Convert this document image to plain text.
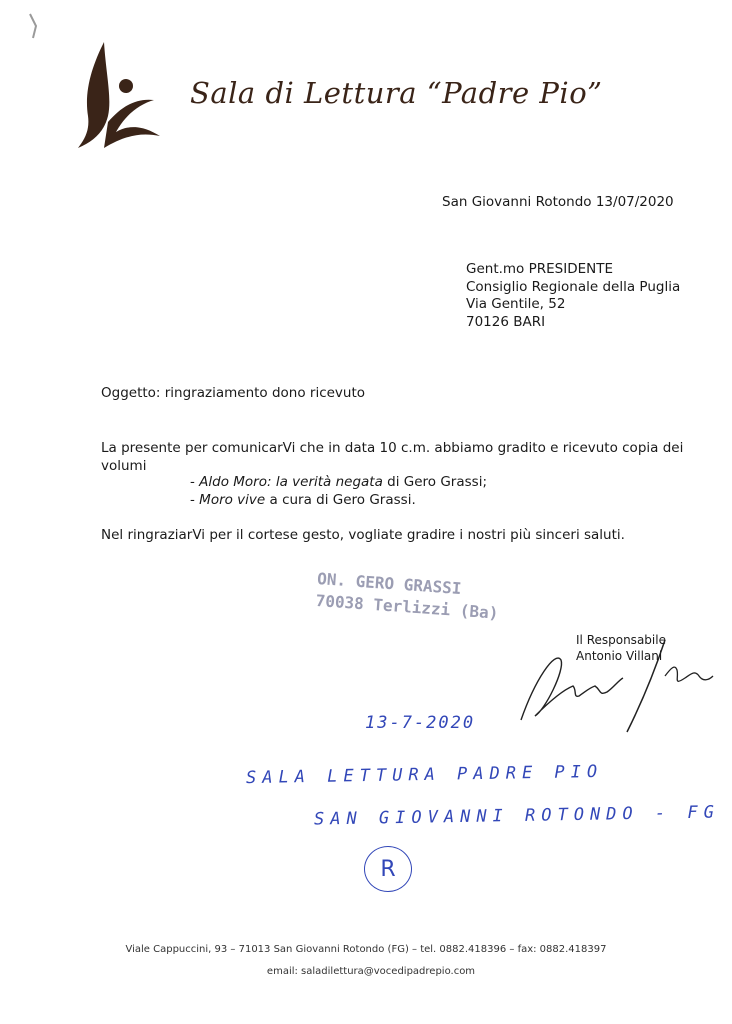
Sala di Lettura “Padre Pio”
San Giovanni Rotondo 13/07/2020
Gent.mo PRESIDENTE
Consiglio Regionale della Puglia
Via Gentile, 52
70126 BARI
Oggetto: ringraziamento dono ricevuto
La presente per comunicarVi che in data 10 c.m. abbiamo gradito e ricevuto copia dei volumi
- Aldo Moro: la verità negata di Gero Grassi;
- Moro vive a cura di Gero Grassi.
Nel ringraziarVi per il cortese gesto, vogliate gradire i nostri più sinceri saluti.
ON. GERO GRASSI
70038 Terlizzi (Ba)
Il Responsabile
Antonio Villani
13-7-2020
SALA LETTURA PADRE PIO
SAN GIOVANNI ROTONDO - FG
R
Viale Cappuccini, 93 – 71013 San Giovanni Rotondo (FG) – tel. 0882.418396 – fax: 0882.418397
email: saladilettura@vocedipadrepio.com
